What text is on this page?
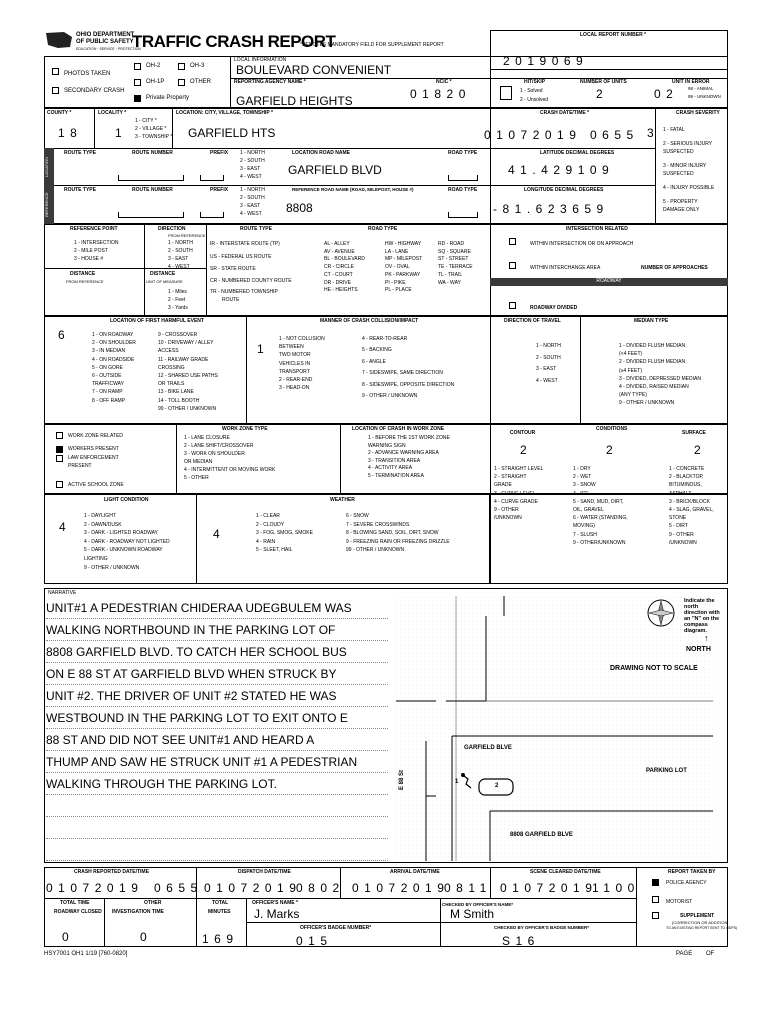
OHIO DEPARTMENT
OF PUBLIC SAFETY
EDUCATION · SERVICE · PROTECTION
TRAFFIC CRASH REPORT
*DENOTES MANDATORY FIELD FOR SUPPLEMENT REPORT
LOCAL REPORT NUMBER *
2019069
PHOTOS TAKEN
OH-2	OH-3
OH-1P	OTHER
SECONDARY CRASH
Private Property
LOCAL INFORMATION
BOULEVARD CONVENIENT
REPORTING AGENCY NAME *
GARFIELD HEIGHTS
NCIC *
01820
HIT/SKIP
1 - Solved
2 - Unsolved
NUMBER OF UNITS
2
UNIT IN ERROR
02 98 - ANIMAL
99 - UNKNOWN
COUNTY *
18
LOCALITY *
1
1 - CITY *
2 - VILLAGE *
3 - TOWNSHIP *
LOCATION: CITY, VILLAGE, TOWNSHIP *
GARFIELD HTS
CRASH DATE/TIME *
01072019 0655
CRASH SEVERITY
3 1 - FATAL
2 - SERIOUS INJURY
SUSPECTED
3 - MINOR INJURY
SUSPECTED
4 - INJURY POSSIBLE
5 - PROPERTY
DAMAGE ONLY
LOCATION
REFERENCE
ROUTE TYPE	ROUTE NUMBER	PREFIX 1 - NORTH
2 - SOUTH
3 - EAST
4 - WEST
LOCATION ROAD NAME
GARFIELD BLVD
ROAD TYPE	LATITUDE DECIMAL DEGREES
41.429109
ROUTE TYPE	ROUTE NUMBER	PREFIX 1 - NORTH
2 - SOUTH
3 - EAST
4 - WEST
REFERENCE ROAD NAME (ROAD, MILEPOST, HOUSE #)
8808
ROAD TYPE	LONGITUDE DECIMAL DEGREES
-81.623659
REFERENCE POINT
1 - INTERSECTION
2 - MILE POST
3 - HOUSE #
DIRECTION
FROM REFERENCE
1 - NORTH
2 - SOUTH
3 - EAST
4 - WEST
DISTANCE
FROM REFERENCE
DISTANCE
UNIT OF MEASURE
1 - Miles
2 - Feet
3 - Yards
ROUTE TYPE
IR - INTERSTATE ROUTE (TP)
US - FEDERAL US ROUTE
SR - STATE ROUTE
CR - NUMBERED COUNTY ROUTE
TR - NUMBERED TOWNSHIP
ROUTE
ROAD TYPE
AL - ALLEY
AV - AVENUE
BL - BOULEVARD
CR - CIRCLE
CT - COURT
DR - DRIVE
HE - HEIGHTS
HW - HIGHWAY
LA - LANE
MP - MILEPOST
OV - OVAL
PK - PARKWAY
PI - PIKE
PL - PLACE
RD - ROAD
SQ - SQUARE
ST - STREET
TE - TERRACE
TL - TRAIL
WA - WAY
INTERSECTION RELATED
WITHIN INTERSECTION OR ON APPROACH
WITHIN INTERCHANGE AREA	NUMBER OF APPROACHES
ROADWAY
ROADWAY DIVIDED
LOCATION OF FIRST HARMFUL EVENT
6	1 - ON ROADWAY
2 - ON SHOULDER
3 - IN MEDIAN
4 - ON ROADSIDE
5 - ON GORE
6 - OUTSIDE
TRAFFICWAY
7 - ON RAMP
8 - OFF RAMP
9 - CROSSOVER
10 - DRIVEWAY / ALLEY
ACCESS
11 - RAILWAY GRADE
CROSSING
12 - SHARED USE PATHS
OR TRAILS
13 - BIKE LANE
14 - TOLL BOOTH
99 - OTHER / UNKNOWN
MANNER OF CRASH COLLISION/IMPACT
1
1 - NOT COLLISION
BETWEEN
TWO MOTOR
VEHICLES IN
TRANSPORT
2 - REAR-END
3 - HEAD-ON
4 - REAR-TO-REAR
5 - BACKING
6 - ANGLE
7 - SIDESWIPE, SAME DIRECTION
8 - SIDESWIPE, OPPOSITE DIRECTION
9 - OTHER / UNKNOWN
DIRECTION OF TRAVEL
1 - NORTH
2 - SOUTH
3 - EAST
4 - WEST
MEDIAN TYPE
1 - DIVIDED FLUSH MEDIAN
(<4 FEET)
2 - DIVIDED FLUSH MEDIAN
(≥4 FEET)
3 - DIVIDED, DEPRESSED MEDIAN
4 - DIVIDED, RAISED MEDIAN
(ANY TYPE)
9 - OTHER / UNKNOWN
WORK ZONE RELATED
WORKERS PRESENT
LAW ENFORCEMENT
PRESENT
ACTIVE SCHOOL ZONE
WORK ZONE TYPE
1 - LANE CLOSURE
2 - LANE SHIFT/CROSSOVER
3 - WORK ON SHOULDER
OR MEDIAN
4 - INTERMITTENT OR MOVING WORK
5 - OTHER
LOCATION OF CRASH IN WORK ZONE
1 - BEFORE THE 1ST WORK ZONE
WARNING SIGN
2 - ADVANCE WARNING AREA
3 - TRANSITION AREA
4 - ACTIVITY AREA
5 - TERMINATION AREA
CONTOUR
2
CONDITIONS
2
SURFACE
2
1 - STRAIGHT LEVEL
2 - STRAIGHT
GRADE
3 - CURVE LEVEL
4 - CURVE GRADE
9 - OTHER
/UNKNOWN
1 - DRY
2 - WET
3 - SNOW
4 - ICE
5 - SAND, MUD, DIRT,
OIL, GRAVEL
6 - WATER (STANDING,
MOVING)
7 - SLUSH
9 - OTHER/UNKNOWN
1 - CONCRETE
2 - BLACKTOP,
BITUMINOUS,
ASPHALT
3 - BRICK/BLOCK
4 - SLAG, GRAVEL,
STONE
5 - DIRT
9 - OTHER
/UNKNOWN
LIGHT CONDITION
4
1 - DAYLIGHT
2 - DAWN/DUSK
3 - DARK - LIGHTED ROADWAY
4 - DARK - ROADWAY NOT LIGHTED
5 - DARK - UNKNOWN ROADWAY
LIGHTING
9 - OTHER / UNKNOWN
WEATHER
4
1 - CLEAR
2 - CLOUDY
3 - FOG, SMOG, SMOKE
4 - RAIN
5 - SLEET, HAIL
6 - SNOW
7 - SEVERE CROSSWINDS
8 - BLOWING SAND, SOIL, DIRT, SNOW
9 - FREEZING RAIN OR FREEZING DRIZZLE
99 - OTHER / UNKNOWN
NARRATIVE
UNIT#1 A PEDESTRIAN CHIDERAA UDEGBULEM WAS
WALKING NORTHBOUND IN THE PARKING LOT OF
8808 GARFIELD BLVD. TO CATCH HER SCHOOL BUS
ON E 88 ST AT GARFIELD BLVD WHEN STRUCK BY
UNIT #2. THE DRIVER OF UNIT #2 STATED HE WAS
WESTBOUND IN THE PARKING LOT TO EXIT ONTO E
88 ST AND DID NOT SEE UNIT#1 AND HEARD A
THUMP AND SAW HE STRUCK UNIT #1 A PEDESTRIAN
WALKING THROUGH THE PARKING LOT.
Indicate the north
direction with
an "N" on the
compass diagram.
↑
NORTH
DRAWING NOT TO SCALE
GARFIELD BLVE
PARKING LOT
E 88 St
8808 GARFIELD BLVE
1
2
CRASH REPORTED DATE/TIME
01072019 0655
DISPATCH DATE/TIME
01072019
0802
ARRIVAL DATE/TIME
01072019
0811
SCENE CLEARED DATE/TIME
01072019
1100
REPORT TAKEN BY
POLICE AGENCY
MOTORIST
SUPPLEMENT
(CORRECTION OR ADDITION
TO AN EXISTING REPORT SENT TO ODPS)
TOTAL TIME
ROADWAY CLOSED
0
OTHER
INVESTIGATION TIME
0
TOTAL
MINUTES
169
OFFICER'S NAME *
J. Marks
CHECKED BY OFFICER'S NAME*
M Smith
OFFICER'S BADGE NUMBER*
015
CHECKED BY OFFICER'S BADGE NUMBER*
S16
HSY7001 OH1 1/19 [760-0820]	PAGE OF
